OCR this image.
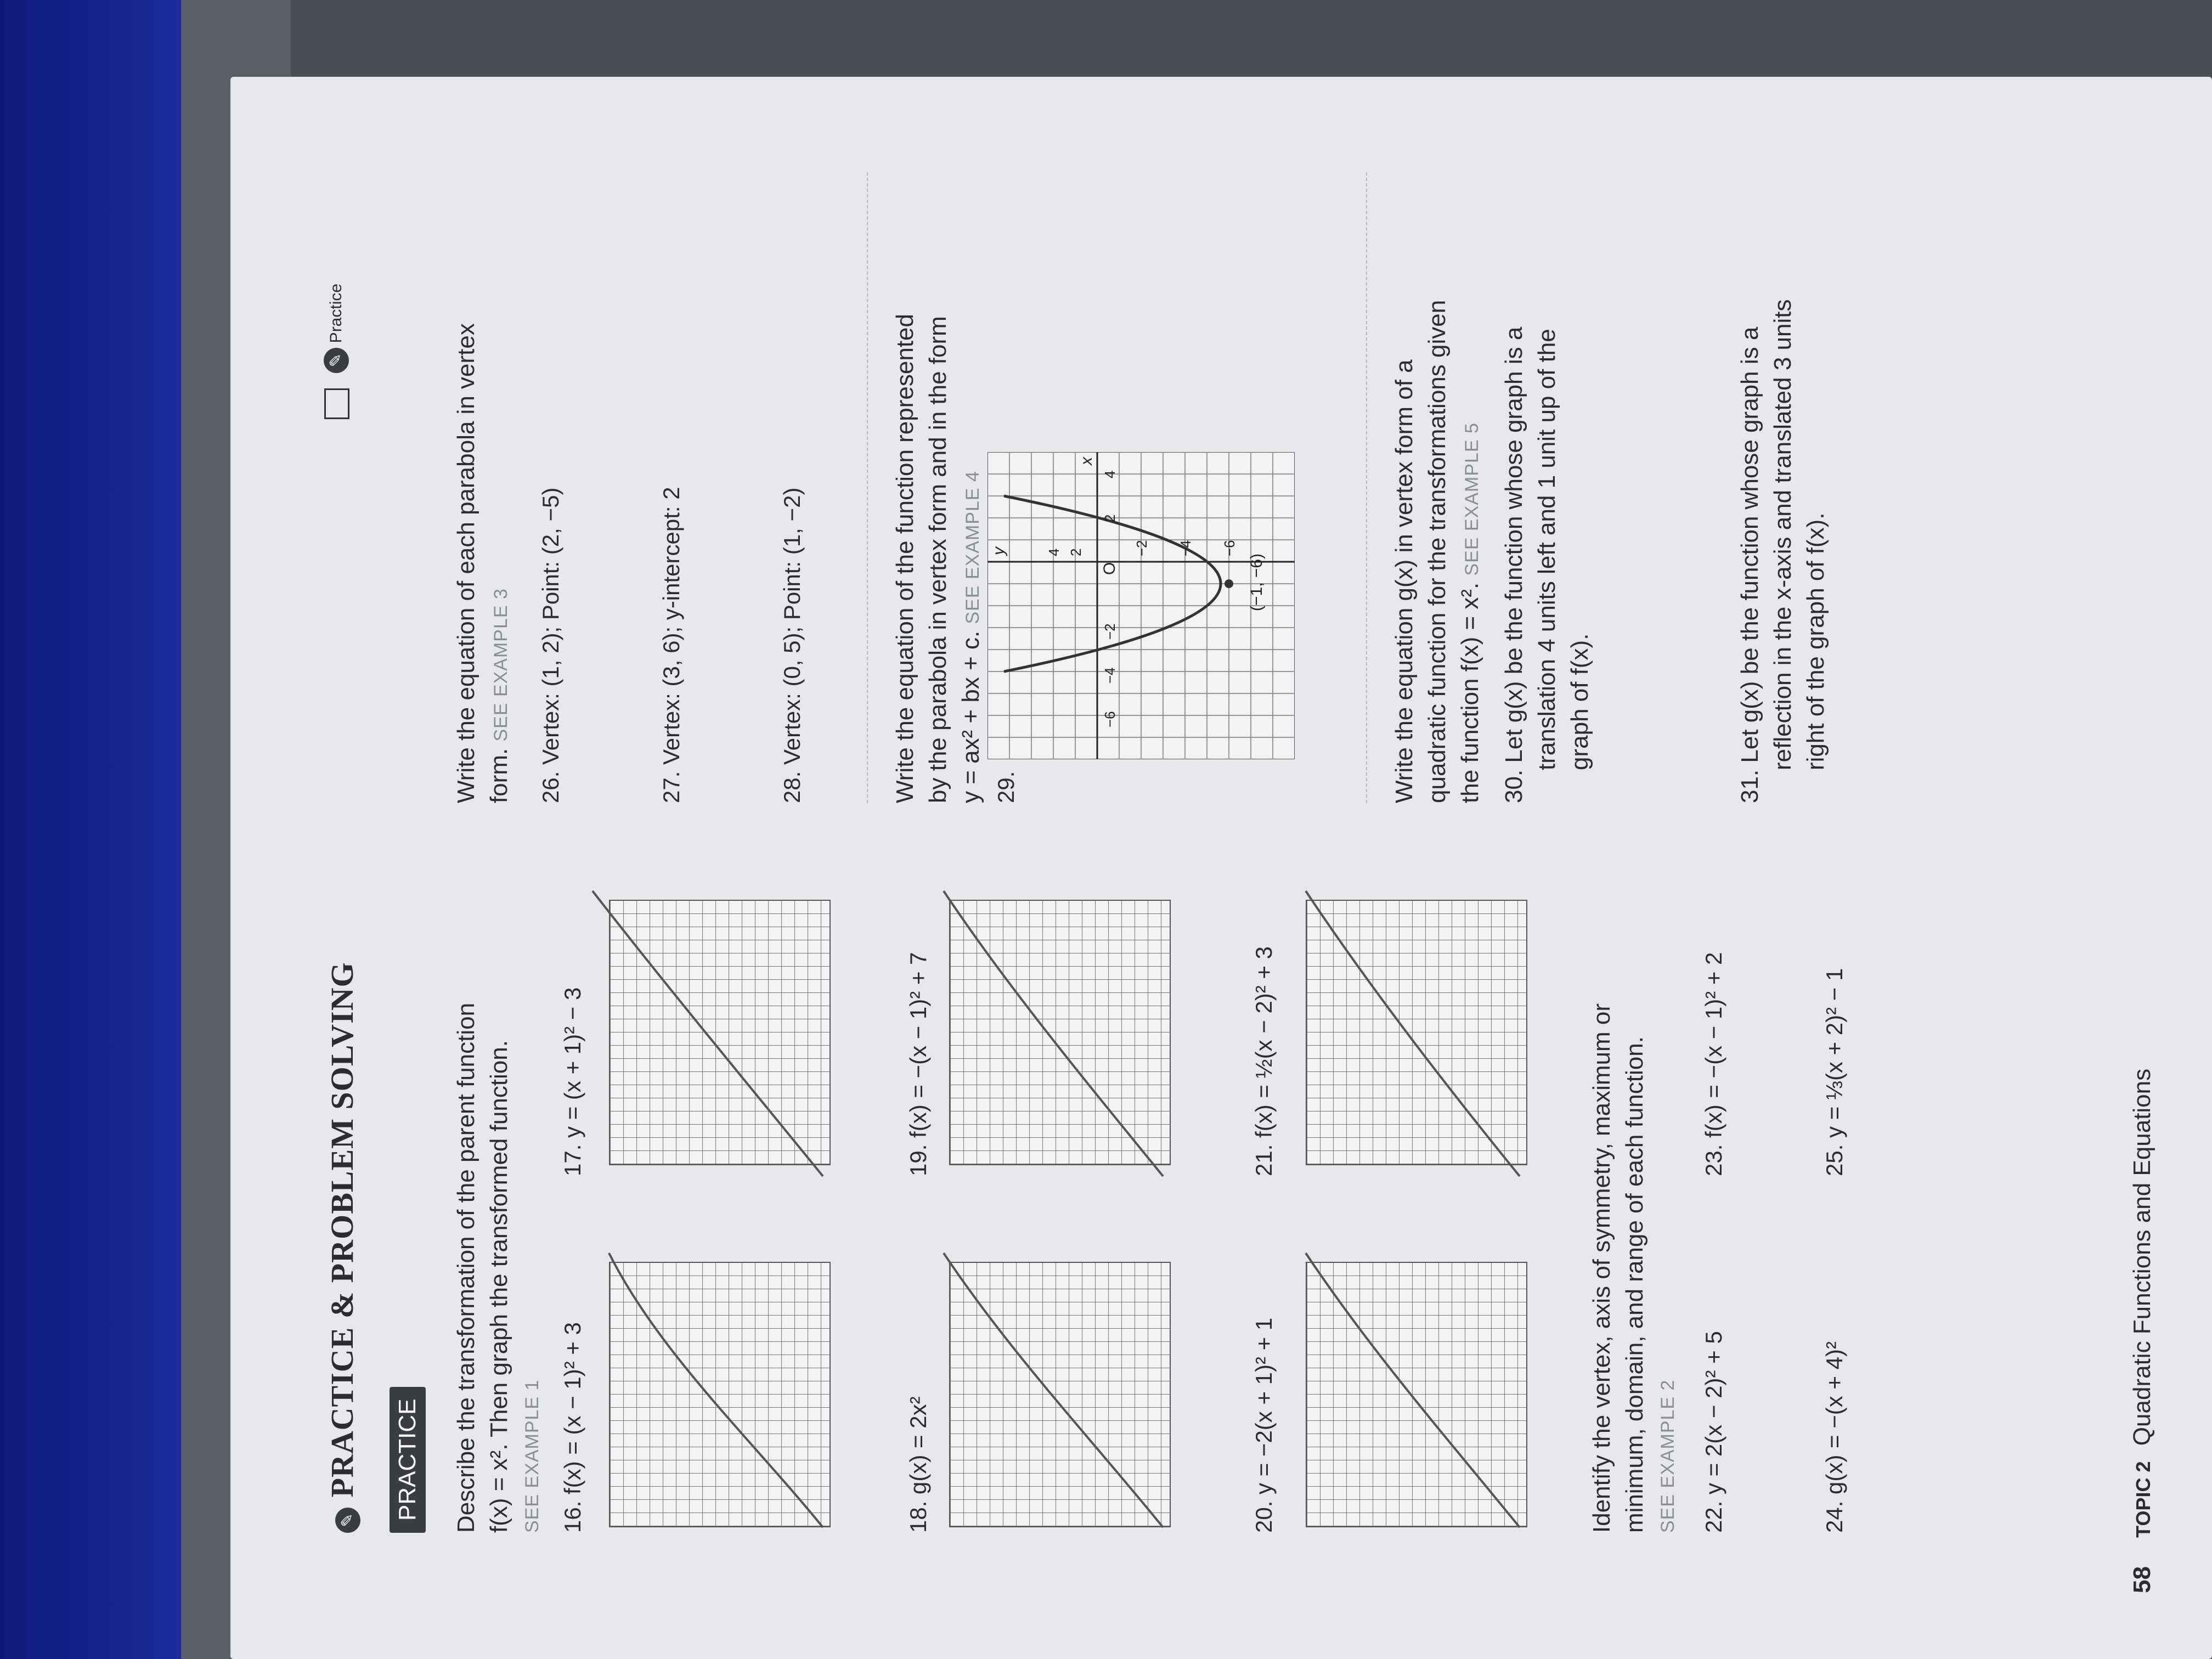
✎ PRACTICE & PROBLEM SOLVING PRACTICE
✎ Practice
Describe the transformation of the parent function f(x) = x². Then graph the transformed function. SEE EXAMPLE 1 16. f(x) = (x − 1)² + 3
17. y = (x + 1)² − 3
18. g(x) = 2x²
19. f(x) = −(x − 1)² + 7
20. y = −2(x + 1)² + 1
21. f(x) = ½(x − 2)² + 3	Identify the vertex, axis of symmetry, maximum or minimum, domain, and range of each function. SEE EXAMPLE 2 22. y = 2(x − 2)² + 5
23. f(x) = −(x − 1)² + 2
24. g(x) = −(x + 4)²
25. y = ⅓(x + 2)² − 1
Write the equation of each parabola in vertex form. SEE EXAMPLE 3 26. Vertex: (1, 2); Point: (2, −5)	27. Vertex: (3, 6); y-intercept: 2	28. Vertex: (0, 5); Point: (1, −2)	Write the equation of the function represented by the parabola in vertex form and in the form y = ax² + bx + c. SEE EXAMPLE 4
29.
(−1, −6)
y
x
O
−6
−4
−2
2
4
4 2	−2 −4 −6	Write the equation g(x) in vertex form of a quadratic function for the transformations given the function f(x) = x². SEE EXAMPLE 5 30. Let g(x) be the function whose graph is a translation 4 units left and 1 unit up of the graph of f(x).	31. Let g(x) be the function whose graph is a reflection in the x-axis and translated 3 units right of the graph of f(x).
58 TOPIC 2 Quadratic Functions and Equations
